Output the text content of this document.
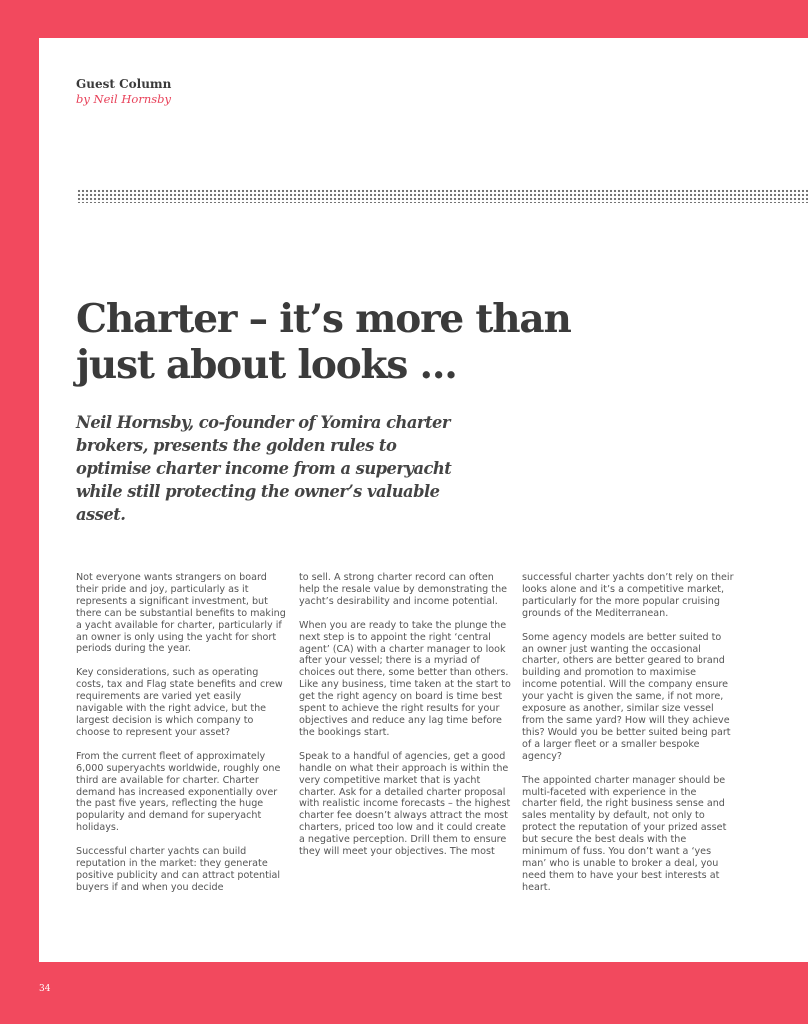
Guest Column
by Neil Hornsby
Charter – it’s more than
just about looks ...

Neil Hornsby, co-founder of Yomira charter brokers, presents the golden rules to optimise charter income from a superyacht while still protecting the owner’s valuable asset.

Not everyone wants strangers on board their pride and joy, particularly as it represents a significant investment, but there can be substantial benefits to making a yacht available for charter, particularly if an owner is only using the yacht for short periods during the year.

Key considerations, such as operating costs, tax and Flag state benefits and crew requirements are varied yet easily navigable with the right advice, but the largest decision is which company to choose to represent your asset?

From the current fleet of approximately 6,000 superyachts worldwide, roughly one third are available for charter. Charter demand has increased exponentially over the past five years, reflecting the huge popularity and demand for superyacht holidays.

Successful charter yachts can build reputation in the market: they generate positive publicity and can attract potential buyers if and when you decide

to sell. A strong charter record can often help the resale value by demonstrating the yacht’s desirability and income potential.

When you are ready to take the plunge the next step is to appoint the right ‘central agent’ (CA) with a charter manager to look after your vessel; there is a myriad of choices out there, some better than others. Like any business, time taken at the start to get the right agency on board is time best spent to achieve the right results for your objectives and reduce any lag time before the bookings start.

Speak to a handful of agencies, get a good handle on what their approach is within the very competitive market that is yacht charter. Ask for a detailed charter proposal with realistic income forecasts – the highest charter fee doesn’t always attract the most charters, priced too low and it could create a negative perception. Drill them to ensure they will meet your objectives. The most

successful charter yachts don’t rely on their looks alone and it’s a competitive market, particularly for the more popular cruising grounds of the Mediterranean.

Some agency models are better suited to an owner just wanting the occasional charter, others are better geared to brand building and promotion to maximise income potential. Will the company ensure your yacht is given the same, if not more, exposure as another, similar size vessel from the same yard? How will they achieve this? Would you be better suited being part of a larger fleet or a smaller bespoke agency?

The appointed charter manager should be multi-faceted with experience in the charter field, the right business sense and sales mentality by default, not only to protect the reputation of your prized asset but secure the best deals with the minimum of fuss. You don’t want a ‘yes man’ who is unable to broker a deal, you need them to have your best interests at heart.

34
